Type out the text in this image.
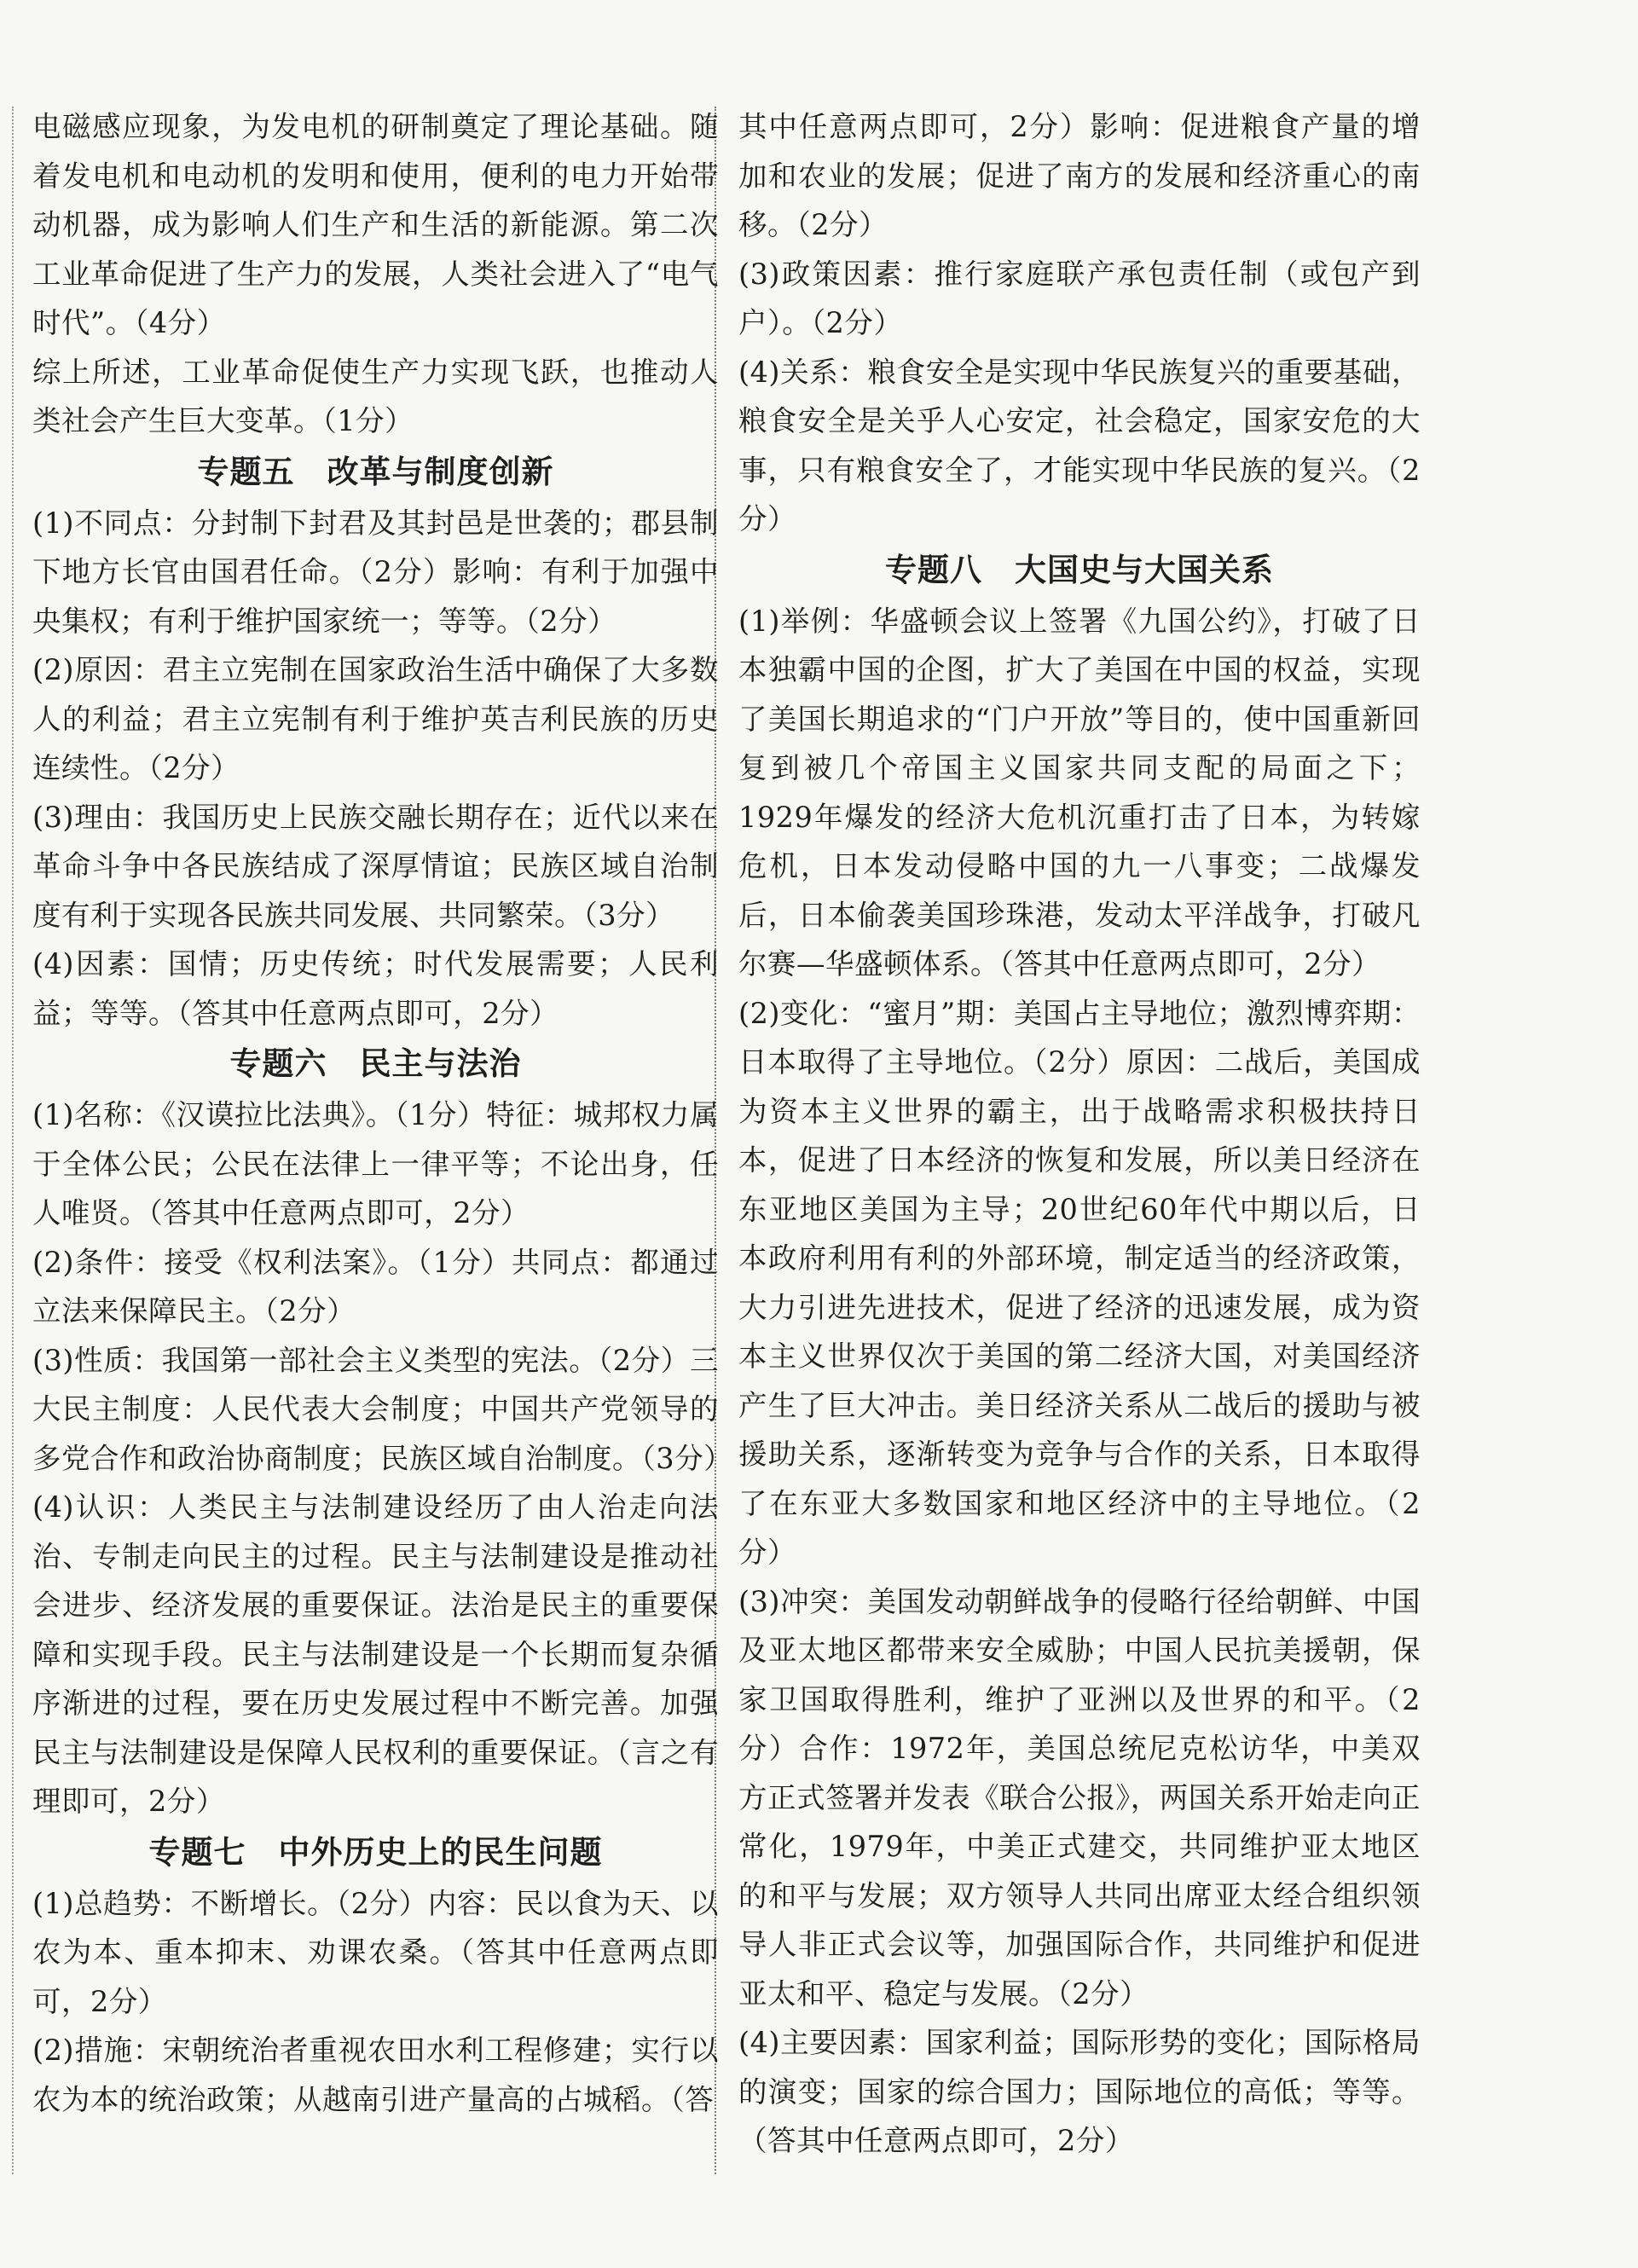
电磁感应现象，为发电机的研制奠定了理论基础。随着发电机和电动机的发明和使用，便利的电力开始带动机器，成为影响人们生产和生活的新能源。第二次工业革命促进了生产力的发展，人类社会进入了“电气时代”。（4分）

综上所述，工业革命促使生产力实现飞跃，也推动人类社会产生巨大变革。（1分）

专题五　改革与制度创新

(1)不同点：分封制下封君及其封邑是世袭的；郡县制下地方长官由国君任命。（2分）影响：有利于加强中央集权；有利于维护国家统一；等等。（2分）

(2)原因：君主立宪制在国家政治生活中确保了大多数人的利益；君主立宪制有利于维护英吉利民族的历史连续性。（2分）

(3)理由：我国历史上民族交融长期存在；近代以来在革命斗争中各民族结成了深厚情谊；民族区域自治制度有利于实现各民族共同发展、共同繁荣。（3分）

(4)因素：国情；历史传统；时代发展需要；人民利益；等等。（答其中任意两点即可，2分）

专题六　民主与法治

(1)名称：《汉谟拉比法典》。（1分）特征：城邦权力属于全体公民；公民在法律上一律平等；不论出身，任人唯贤。（答其中任意两点即可，2分）

(2)条件：接受《权利法案》。（1分）共同点：都通过立法来保障民主。（2分）

(3)性质：我国第一部社会主义类型的宪法。（2分）三大民主制度：人民代表大会制度；中国共产党领导的多党合作和政治协商制度；民族区域自治制度。（3分）

(4)认识：人类民主与法制建设经历了由人治走向法治、专制走向民主的过程。民主与法制建设是推动社会进步、经济发展的重要保证。法治是民主的重要保障和实现手段。民主与法制建设是一个长期而复杂循序渐进的过程，要在历史发展过程中不断完善。加强民主与法制建设是保障人民权利的重要保证。（言之有理即可，2分）

专题七　中外历史上的民生问题

(1)总趋势：不断增长。（2分）内容：民以食为天、以农为本、重本抑末、劝课农桑。（答其中任意两点即可，2分）

(2)措施：宋朝统治者重视农田水利工程修建；实行以农为本的统治政策；从越南引进产量高的占城稻。（答

其中任意两点即可，2分）影响：促进粮食产量的增加和农业的发展；促进了南方的发展和经济重心的南移。（2分）

(3)政策因素：推行家庭联产承包责任制（或包产到户）。（2分）

(4)关系：粮食安全是实现中华民族复兴的重要基础，粮食安全是关乎人心安定，社会稳定，国家安危的大事，只有粮食安全了，才能实现中华民族的复兴。（2分）

专题八　大国史与大国关系

(1)举例：华盛顿会议上签署《九国公约》，打破了日本独霸中国的企图，扩大了美国在中国的权益，实现了美国长期追求的“门户开放”等目的，使中国重新回复到被几个帝国主义国家共同支配的局面之下；1929年爆发的经济大危机沉重打击了日本，为转嫁危机，日本发动侵略中国的九一八事变；二战爆发后，日本偷袭美国珍珠港，发动太平洋战争，打破凡尔赛—华盛顿体系。（答其中任意两点即可，2分）

(2)变化：“蜜月”期：美国占主导地位；激烈博弈期：日本取得了主导地位。（2分）原因：二战后，美国成为资本主义世界的霸主，出于战略需求积极扶持日本，促进了日本经济的恢复和发展，所以美日经济在东亚地区美国为主导；20世纪60年代中期以后，日本政府利用有利的外部环境，制定适当的经济政策，大力引进先进技术，促进了经济的迅速发展，成为资本主义世界仅次于美国的第二经济大国，对美国经济产生了巨大冲击。美日经济关系从二战后的援助与被援助关系，逐渐转变为竞争与合作的关系，日本取得了在东亚大多数国家和地区经济中的主导地位。（2分）

(3)冲突：美国发动朝鲜战争的侵略行径给朝鲜、中国及亚太地区都带来安全威胁；中国人民抗美援朝，保家卫国取得胜利，维护了亚洲以及世界的和平。（2分）合作：1972年，美国总统尼克松访华，中美双方正式签署并发表《联合公报》，两国关系开始走向正常化，1979年，中美正式建交，共同维护亚太地区的和平与发展；双方领导人共同出席亚太经合组织领导人非正式会议等，加强国际合作，共同维护和促进亚太和平、稳定与发展。（2分）

(4)主要因素：国家利益；国际形势的变化；国际格局的演变；国家的综合国力；国际地位的高低；等等。（答其中任意两点即可，2分）
